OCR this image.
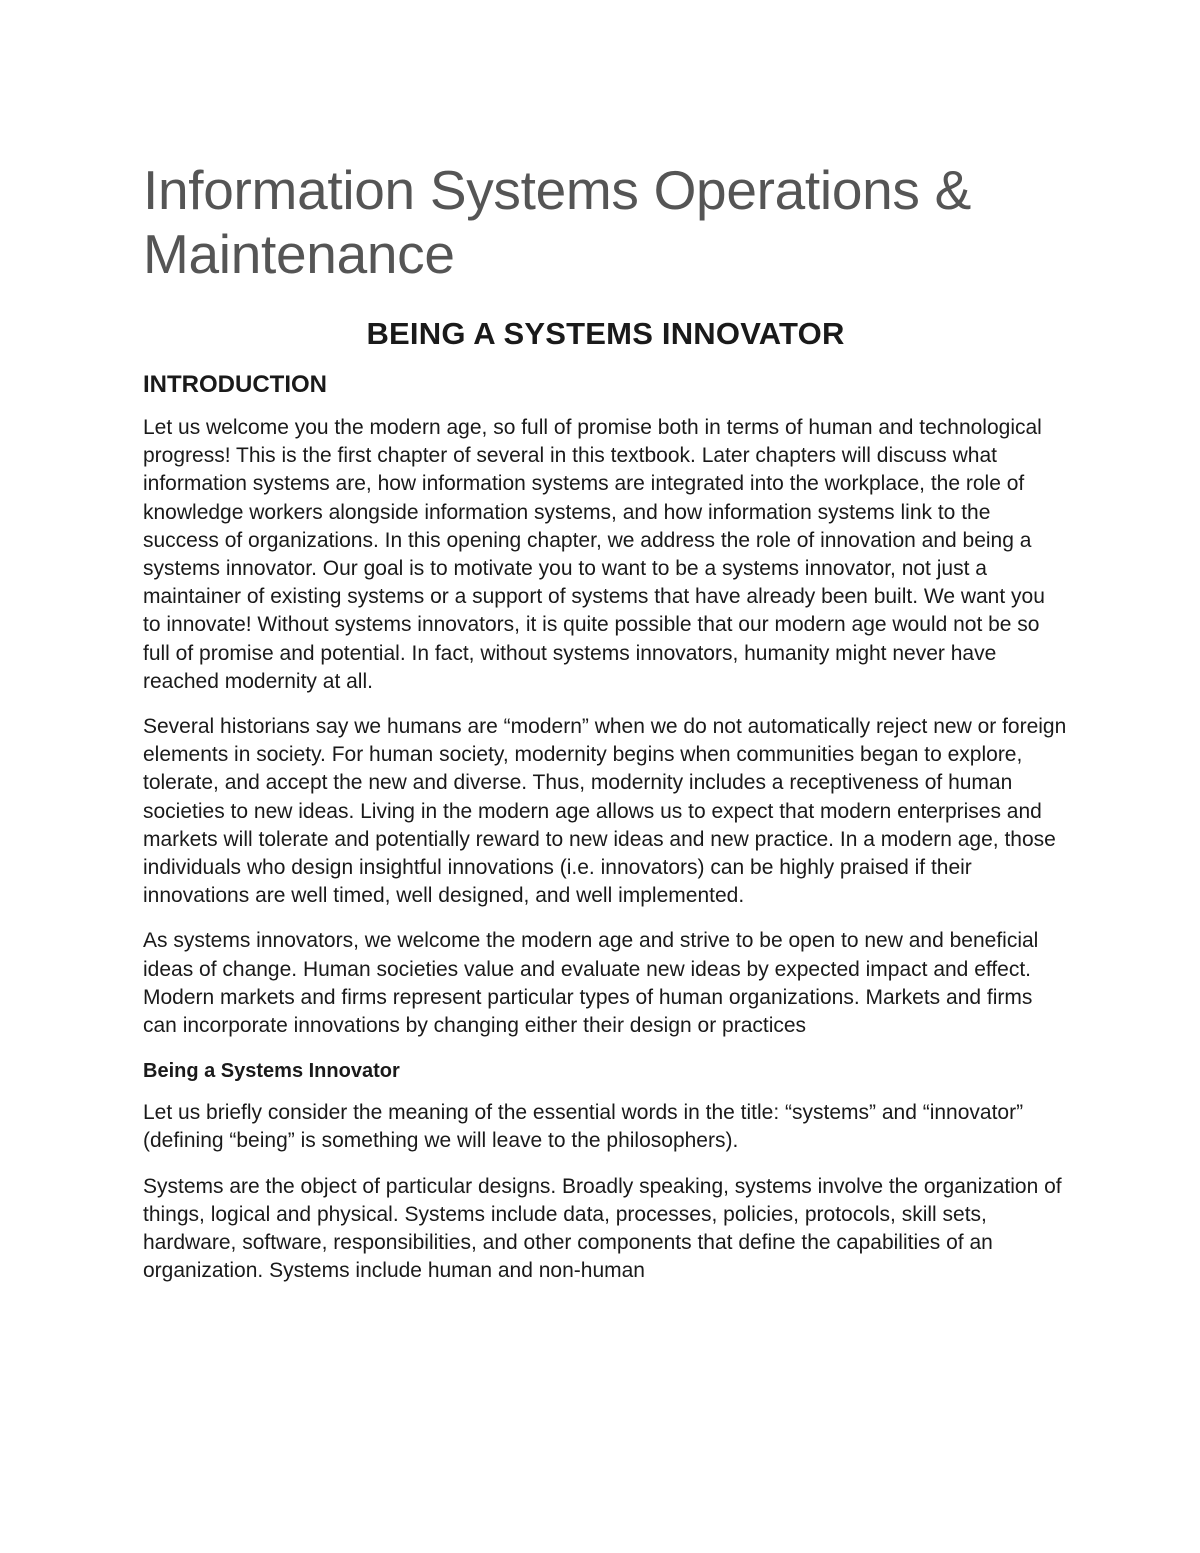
Information Systems Operations & Maintenance
BEING A SYSTEMS INNOVATOR
INTRODUCTION

Let us welcome you the modern age, so full of promise both in terms of human and technological progress! This is the first chapter of several in this textbook. Later chapters will discuss what information systems are, how information systems are integrated into the workplace, the role of knowledge workers alongside information systems, and how information systems link to the success of organizations. In this opening chapter, we address the role of innovation and being a systems innovator. Our goal is to motivate you to want to be a systems innovator, not just a maintainer of existing systems or a support of systems that have already been built. We want you to innovate! Without systems innovators, it is quite possible that our modern age would not be so full of promise and potential. In fact, without systems innovators, humanity might never have reached modernity at all.

Several historians say we humans are “modern” when we do not automatically reject new or foreign elements in society. For human society, modernity begins when communities began to explore, tolerate, and accept the new and diverse. Thus, modernity includes a receptiveness of human societies to new ideas. Living in the modern age allows us to expect that modern enterprises and markets will tolerate and potentially reward to new ideas and new practice. In a modern age, those individuals who design insightful innovations (i.e. innovators) can be highly praised if their innovations are well timed, well designed, and well implemented.

As systems innovators, we welcome the modern age and strive to be open to new and beneficial ideas of change. Human societies value and evaluate new ideas by expected impact and effect. Modern markets and firms represent particular types of human organizations. Markets and firms can incorporate innovations by changing either their design or practices

Being a Systems Innovator

Let us briefly consider the meaning of the essential words in the title: “systems” and “innovator” (defining “being” is something we will leave to the philosophers).

Systems are the object of particular designs. Broadly speaking, systems involve the organization of things, logical and physical. Systems include data, processes, policies, protocols, skill sets, hardware, software, responsibilities, and other components that define the capabilities of an organization. Systems include human and non-human
